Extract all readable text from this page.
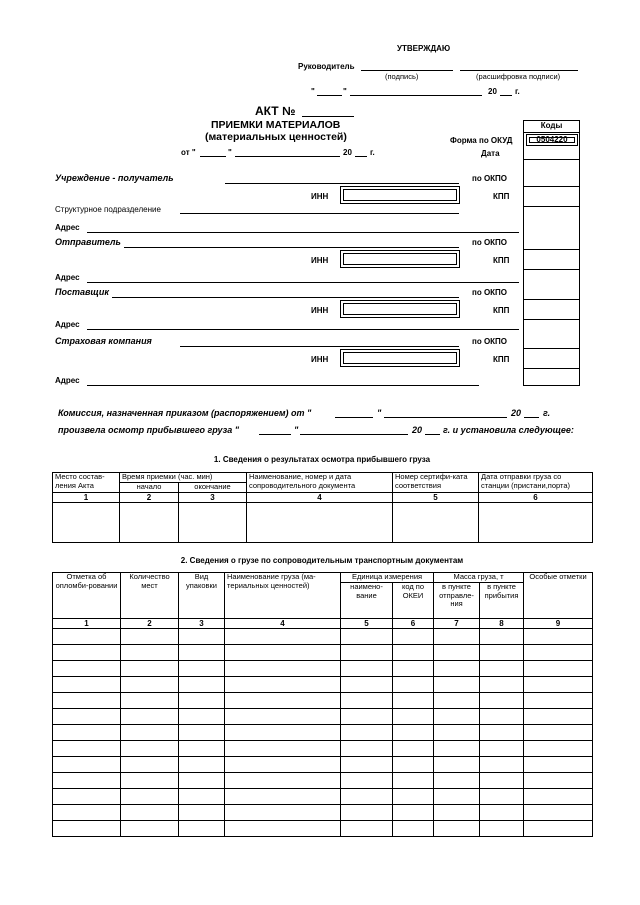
УТВЕРЖДАЮ
Руководитель
(подпись)	(расшифровка подписи)
"	"	20 г.
АКТ №
ПРИЕМКИ МАТЕРИАЛОВ
(материальных ценностей)
от "	"	20 г.
Коды
Форма по ОКУД	0504220
Дата
Учреждение - получатель	по ОКПО
ИНН	КПП
Структурное подразделение
Адрес
Отправитель	по ОКПО
ИНН	КПП
Адрес
Поставщик	по ОКПО
ИНН	КПП
Адрес
Страховая компания	по ОКПО
ИНН	КПП
Адрес
Комиссия, назначенная приказом (распоряжением) от "	"	20 г.
произвела осмотр прибывшего груза "	"	20 г. и установила следующее:
1. Сведения о результатах осмотра прибывшего груза
Место состав-ления Акта	Время приемки (час. мин)		Наименование, номер и дата сопроводительного документа	Номер сертифи-ката соответствия	Дата отправки груза со станции (пристани,порта)
	начало	окончание			
1	2	3	4	5	6

2. Сведения о грузе по сопроводительным транспортным документам
Отметка об опломби-ровании	Количество мест	Вид упаковки	Наименование груза (ма-териальных ценностей)	Единица измерения		Масса груза, т		Особые отметки
				наимено-вание	код по ОКЕИ	в пункте отправле-ния	в пункте прибытия	
1	2	3	4	5	6	7	8	9
